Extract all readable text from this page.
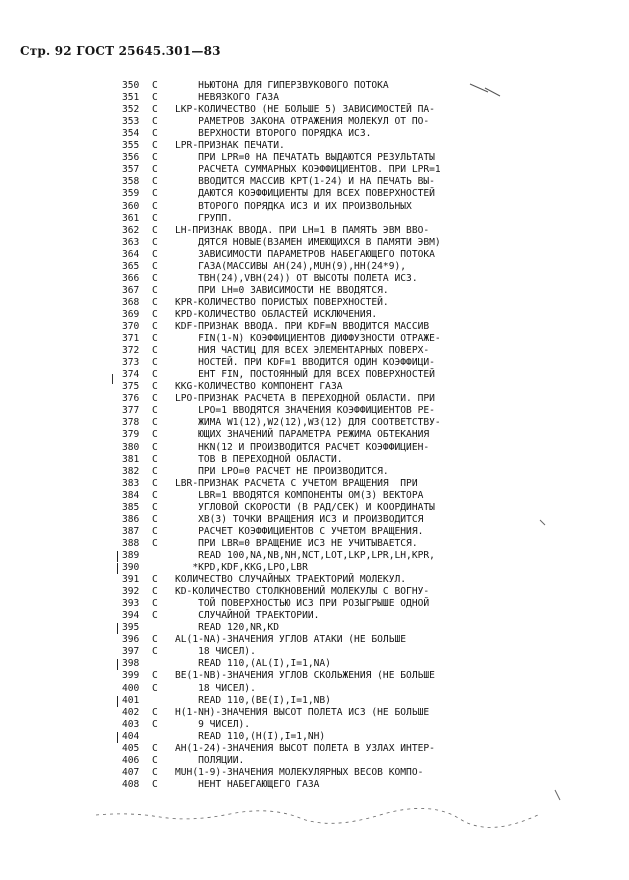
Стр. 92 ГОСТ 25645.301—83
350	C	НЬЮТОНА ДЛЯ ГИПЕРЗВУКОВОГО ПОТОКА
351	C	НЕВЯЗКОГО ГАЗА
352	C	LKP-КОЛИЧЕСТВО (НЕ БОЛЬШЕ 5) ЗАВИСИМОСТЕЙ ПА-
353	C	РАМЕТРОВ ЗАКОНА ОТРАЖЕНИЯ МОЛЕКУЛ ОТ ПО-
354	C	ВЕРХНОСТИ ВТОРОГО ПОРЯДКА ИСЗ.
355	C	LPR-ПРИЗНАК ПЕЧАТИ.
356	C	ПРИ LPR=0 НА ПЕЧАТАТЬ ВЫДАЮТСЯ РЕЗУЛЬТАТЫ
357	C	РАСЧЕТА СУММАРНЫХ КОЭФФИЦИЕНТОВ. ПРИ LPR=1
358	C	ВВОДИТСЯ МАССИВ KPT(1-24) И НА ПЕЧАТЬ ВЫ-
359	C	ДАЮТСЯ КОЭФФИЦИЕНТЫ ДЛЯ ВСЕХ ПОВЕРХНОСТЕЙ
360	C	ВТОРОГО ПОРЯДКА ИСЗ И ИХ ПРОИЗВОЛЬНЫХ
361	C	ГРУПП.
362	C	LH-ПРИЗНАК ВВОДА. ПРИ LH=1 В ПАМЯТЬ ЭВМ ВВО-
363	C	ДЯТСЯ НОВЫЕ(ВЗАМЕН ИМЕЮЩИХСЯ В ПАМЯТИ ЭВМ)
364	C	ЗАВИСИМОСТИ ПАРАМЕТРОВ НАБЕГАЮЩЕГО ПОТОКА
365	C	ГАЗА(МАССИВЫ AH(24),MUH(9),HH(24*9),
366	C	TBH(24),VBH(24)) ОТ ВЫСОТЫ ПОЛЕТА ИСЗ.
367	C	ПРИ LH=0 ЗАВИСИМОСТИ НЕ ВВОДЯТСЯ.
368	C	KPR-КОЛИЧЕСТВО ПОРИСТЫХ ПОВЕРХНОСТЕЙ.
369	C	KPD-КОЛИЧЕСТВО ОБЛАСТЕЙ ИСКЛЮЧЕНИЯ.
370	C	KDF-ПРИЗНАК ВВОДА. ПРИ KDF=N ВВОДИТСЯ МАССИВ
371	C	FIN(1-N) КОЭФФИЦИЕНТОВ ДИФФУЗНОСТИ ОТРАЖЕ-
372	C	НИЯ ЧАСТИЦ ДЛЯ ВСЕХ ЭЛЕМЕНТАРНЫХ ПОВЕРХ-
373	C	НОСТЕЙ. ПРИ KDF=1 ВВОДИТСЯ ОДИН КОЭФФИЦИ-
374	C	ЕНТ FIN, ПОСТОЯННЫЙ ДЛЯ ВСЕХ ПОВЕРХНОСТЕЙ
375	C	KKG-КОЛИЧЕСТВО КОМПОНЕНТ ГАЗА
376	C	LPO-ПРИЗНАК РАСЧЕТА В ПЕРЕХОДНОЙ ОБЛАСТИ. ПРИ
377	C	LPO=1 ВВОДЯТСЯ ЗНАЧЕНИЯ КОЭФФИЦИЕНТОВ РЕ-
378	C	ЖИМА W1(12),W2(12),W3(12) ДЛЯ СООТВЕТСТВУ-
379	C	ЮЩИХ ЗНАЧЕНИЙ ПАРАМЕТРА РЕЖИМА ОБТЕКАНИЯ
380	C	HKN(12 И ПРОИЗВОДИТСЯ РАСЧЕТ КОЭФФИЦИЕН-
381	C	ТОВ В ПЕРЕХОДНОЙ ОБЛАСТИ.
382	C	ПРИ LPO=0 РАСЧЕТ НЕ ПРОИЗВОДИТСЯ.
383	C	LBR-ПРИЗНАК РАСЧЕТА С УЧЕТОМ ВРАЩЕНИЯ  ПРИ
384	C	LBR=1 ВВОДЯТСЯ КОМПОНЕНТЫ ОМ(3) ВЕКТОРА
385	C	УГЛОВОЙ СКОРОСТИ (В РАД/СЕК) И КООРДИНАТЫ
386	C	XB(3) ТОЧКИ ВРАЩЕНИЯ ИСЗ И ПРОИЗВОДИТСЯ
387	C	РАСЧЕТ КОЭФФИЦИЕНТОВ С УЧЕТОМ ВРАЩЕНИЯ.
388	C	ПРИ LBR=0 ВРАЩЕНИЕ ИСЗ НЕ УЧИТЫВАЕТСЯ.
389	READ 100,NA,NB,NH,NCT,LOT,LKP,LPR,LH,KPR,
390	*KPD,KDF,KKG,LPO,LBR
391	C	КОЛИЧЕСТВО СЛУЧАЙНЫХ ТРАЕКТОРИЙ МОЛЕКУЛ.
392	C	KD-КОЛИЧЕСТВО СТОЛКНОВЕНИЙ МОЛЕКУЛЫ С ВОГНУ-
393	C	ТОЙ ПОВЕРХНОСТЬЮ ИСЗ ПРИ РОЗЫГРЫШЕ ОДНОЙ
394	C	СЛУЧАЙНОЙ ТРАЕКТОРИИ.
395	READ 120,NR,KD
396	C	AL(1-NA)-ЗНАЧЕНИЯ УГЛОВ АТАКИ (НЕ БОЛЬШЕ
397	C	18 ЧИСЕЛ).
398	READ 110,(AL(I),I=1,NA)
399	C	BE(1-NB)-ЗНАЧЕНИЯ УГЛОВ СКОЛЬЖЕНИЯ (НЕ БОЛЬШЕ
400	C	18 ЧИСЕЛ).
401	READ 110,(BE(I),I=1,NB)
402	C	H(1-NH)-ЗНАЧЕНИЯ ВЫСОТ ПОЛЕТА ИСЗ (НЕ БОЛЬШЕ
403	C	9 ЧИСЕЛ).
404	READ 110,(H(I),I=1,NH)
405	C	AH(1-24)-ЗНАЧЕНИЯ ВЫСОТ ПОЛЕТА В УЗЛАХ ИНТЕР-
406	C	ПОЛЯЦИИ.
407	C	MUH(1-9)-ЗНАЧЕНИЯ МОЛЕКУЛЯРНЫХ ВЕСОВ КОМПО-
408	C	НЕНТ НАБЕГАЮЩЕГО ГАЗА
